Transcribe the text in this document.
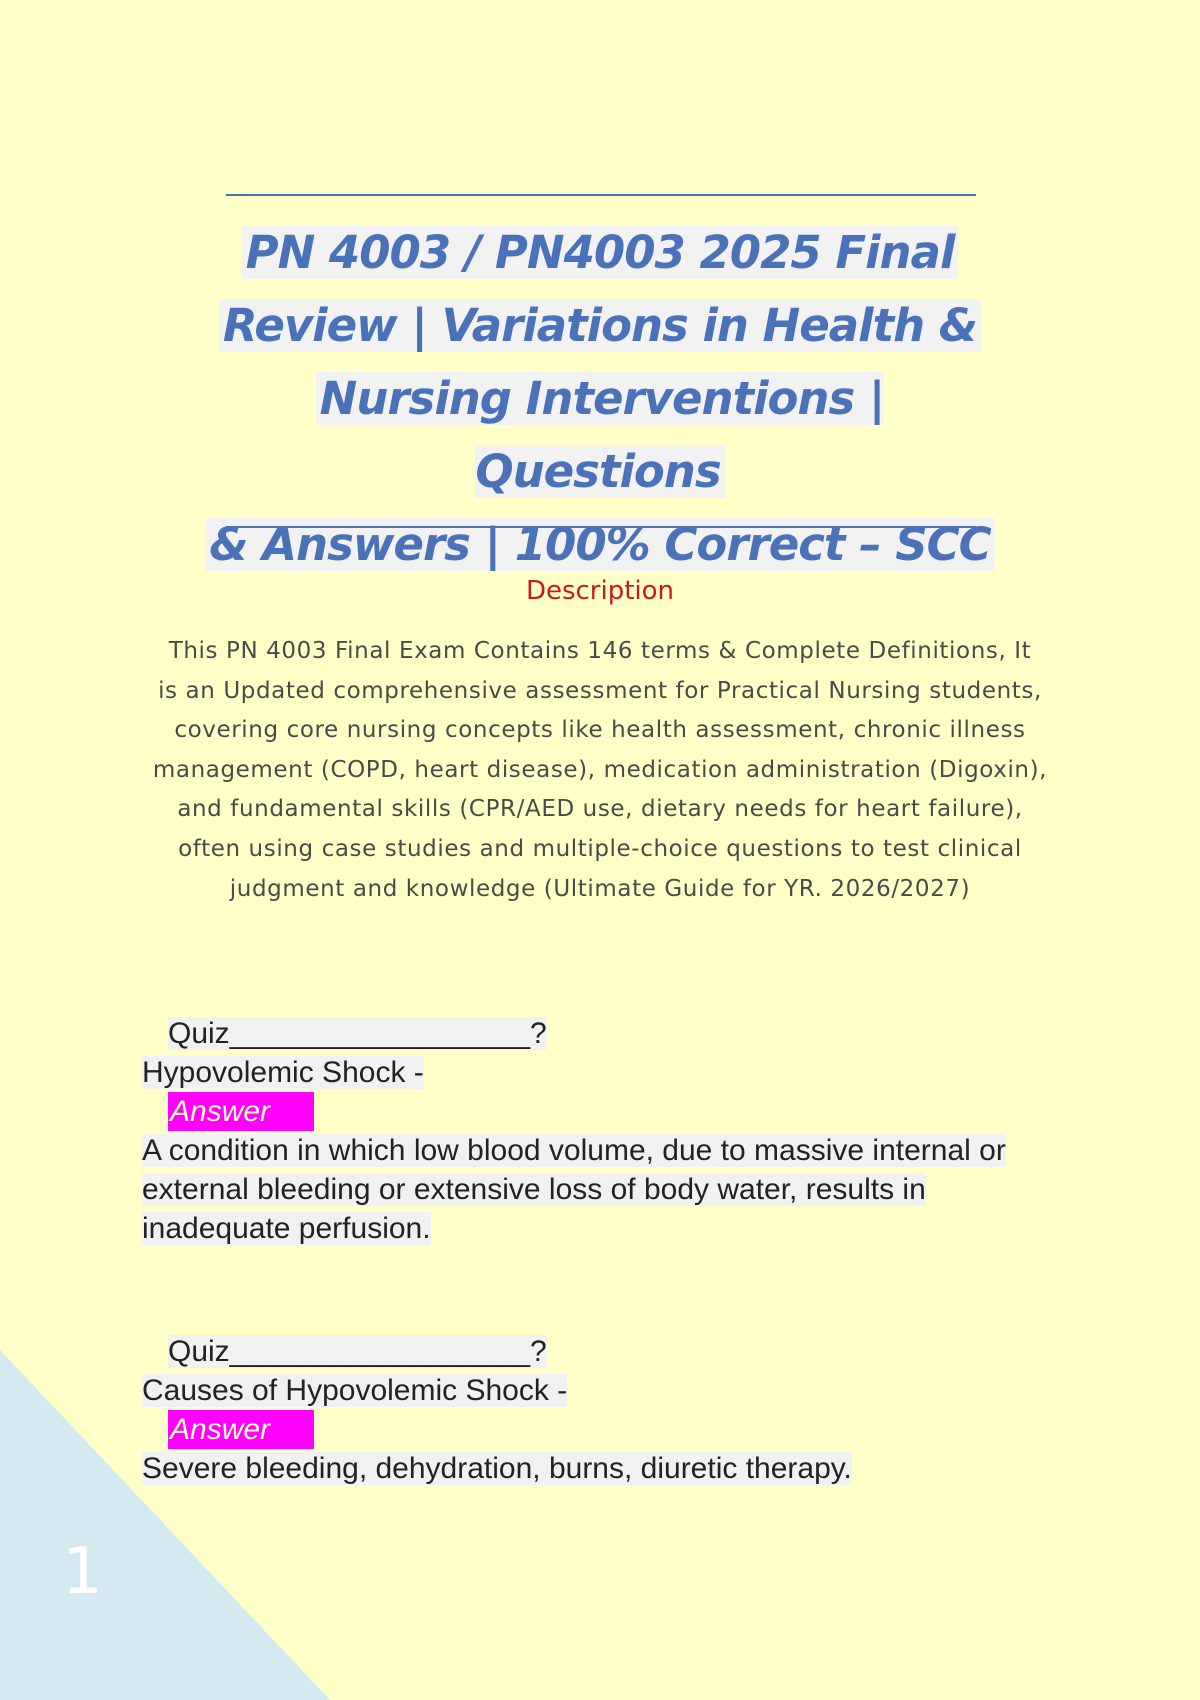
1
PN 4003 / PN4003 2025 Final
Review | Variations in Health &
Nursing Interventions | Questions
& Answers | 100% Correct – SCC
Description

This PN 4003 Final Exam Contains 146 terms & Complete Definitions, It
is an Updated comprehensive assessment for Practical Nursing students,
covering core nursing concepts like health assessment, chronic illness
management (COPD, heart disease), medication administration (Digoxin),
and fundamental skills (CPR/AED use, dietary needs for heart failure),
often using case studies and multiple-choice questions to test clinical
judgment and knowledge (Ultimate Guide for YR. 2026/2027)

Quiz__________________?
Hypovolemic Shock -
Answer
A condition in which low blood volume, due to massive internal or
external bleeding or extensive loss of body water, results in
inadequate perfusion.
Quiz__________________?
Causes of Hypovolemic Shock -
Answer
Severe bleeding, dehydration, burns, diuretic therapy.
